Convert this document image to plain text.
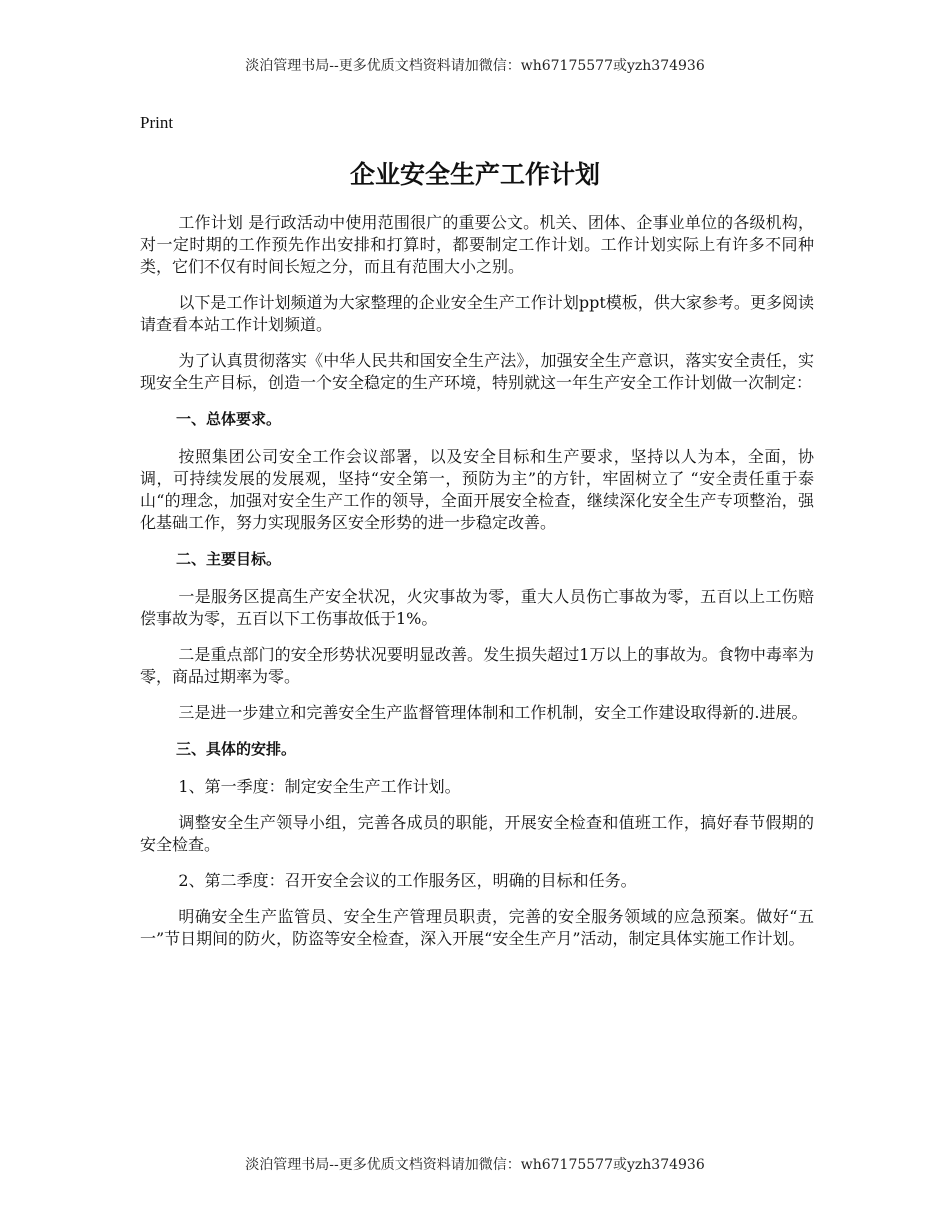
淡泊管理书局--更多优质文档资料请加微信：wh67175577或yzh374936
Print
企业安全生产工作计划

工作计划 是行政活动中使用范围很广的重要公文。机关、团体、企事业单位的各级机构，对一定时期的工作预先作出安排和打算时，都要制定工作计划。工作计划实际上有许多不同种类，它们不仅有时间长短之分，而且有范围大小之别。

以下是工作计划频道为大家整理的企业安全生产工作计划ppt模板，供大家参考。更多阅读请查看本站工作计划频道。

为了认真贯彻落实《中华人民共和国安全生产法》，加强安全生产意识，落实安全责任，实现安全生产目标，创造一个安全稳定的生产环境，特别就这一年生产安全工作计划做一次制定：

一、总体要求。

按照集团公司安全工作会议部署，以及安全目标和生产要求，坚持以人为本，全面，协调，可持续发展的发展观，坚持“安全第一，预防为主”的方针，牢固树立了 “安全责任重于泰山“的理念，加强对安全生产工作的领导，全面开展安全检查，继续深化安全生产专项整治，强化基础工作，努力实现服务区安全形势的进一步稳定改善。

二、主要目标。

一是服务区提高生产安全状况，火灾事故为零，重大人员伤亡事故为零，五百以上工伤赔偿事故为零，五百以下工伤事故低于1%。

二是重点部门的安全形势状况要明显改善。发生损失超过1万以上的事故为。食物中毒率为零，商品过期率为零。

三是进一步建立和完善安全生产监督管理体制和工作机制，安全工作建设取得新的.进展。

三、具体的安排。

1、第一季度：制定安全生产工作计划。

调整安全生产领导小组，完善各成员的职能，开展安全检查和值班工作，搞好春节假期的安全检查。

2、第二季度：召开安全会议的工作服务区，明确的目标和任务。

明确安全生产监管员、安全生产管理员职责，完善的安全服务领域的应急预案。做好“五一”节日期间的防火，防盗等安全检查，深入开展“安全生产月”活动，制定具体实施工作计划。

淡泊管理书局--更多优质文档资料请加微信：wh67175577或yzh374936
